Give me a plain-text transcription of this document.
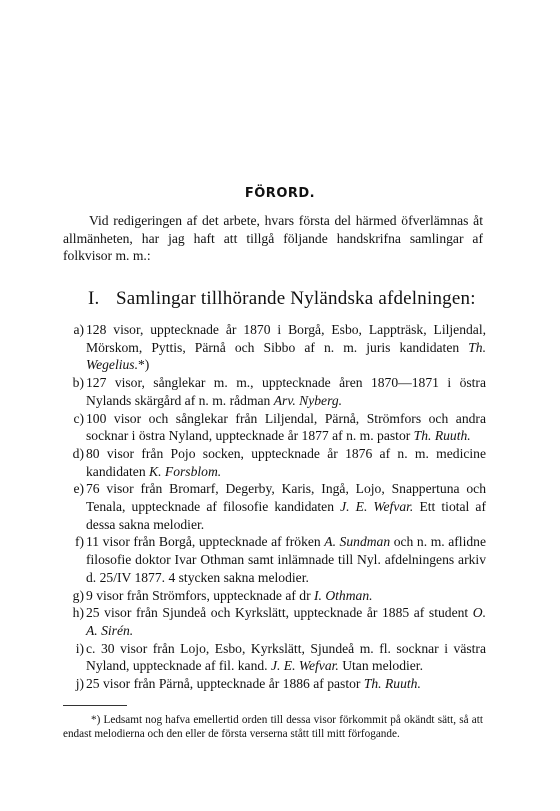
FÖRORD.
Vid redigeringen af det arbete, hvars första del härmed öfverlämnas åt allmänheten, har jag haft att tillgå följande handskrifna samlingar af folkvisor m. m.:
I. Samlingar tillhörande Nyländska afdelningen:
a) 128 visor, upptecknade år 1870 i Borgå, Esbo, Lappträsk, Liljendal, Mörskom, Pyttis, Pärnå och Sibbo af n. m. juris kandidaten Th. Wegelius.*)
b) 127 visor, sånglekar m. m., upptecknade åren 1870—1871 i östra Nylands skärgård af n. m. rådman Arv. Nyberg.
c) 100 visor och sånglekar från Liljendal, Pärnå, Strömfors och andra socknar i östra Nyland, upptecknade år 1877 af n. m. pastor Th. Ruuth.
d) 80 visor från Pojo socken, upptecknade år 1876 af n. m. medicine kandidaten K. Forsblom.
e) 76 visor från Bromarf, Degerby, Karis, Ingå, Lojo, Snappertuna och Tenala, upptecknade af filosofie kandidaten J. E. Wefvar. Ett tiotal af dessa sakna melodier.
f) 11 visor från Borgå, upptecknade af fröken A. Sundman och n. m. aflidne filosofie doktor Ivar Othman samt inlämnade till Nyl. afdelningens arkiv d. 25/IV 1877. 4 stycken sakna melodier.
g) 9 visor från Strömfors, upptecknade af dr I. Othman.
h) 25 visor från Sjundeå och Kyrkslätt, upptecknade år 1885 af student O. A. Sirén.
i) c. 30 visor från Lojo, Esbo, Kyrkslätt, Sjundeå m. fl. socknar i västra Nyland, upptecknade af fil. kand. J. E. Wefvar. Utan melodier.
j) 25 visor från Pärnå, upptecknade år 1886 af pastor Th. Ruuth.
*) Ledsamt nog hafva emellertid orden till dessa visor förkommit på okändt sätt, så att endast melodierna och den eller de första verserna stått till mitt förfogande.
